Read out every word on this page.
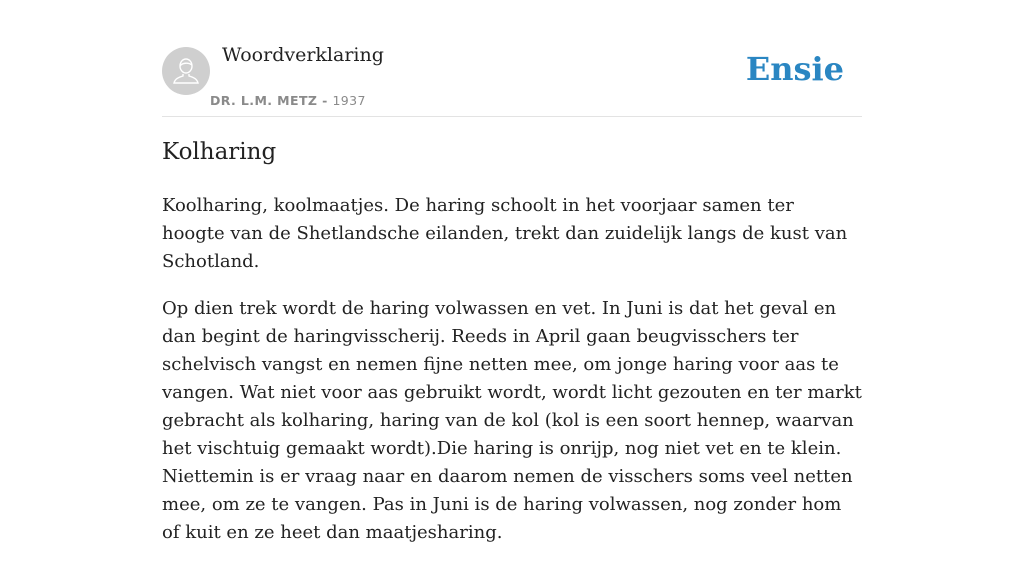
Woordverklaring
DR. L.M. METZ - 1937
Ensie
Kolharing

Koolharing, koolmaatjes. De haring schoolt in het voorjaar samen ter hoogte van de Shetlandsche eilanden, trekt dan zuidelijk langs de kust van Schotland.

Op dien trek wordt de haring volwassen en vet. In Juni is dat het geval en dan begint de haringvisscherij. Reeds in April gaan beugvisschers ter schelvisch vangst en nemen fijne netten mee, om jonge haring voor aas te vangen. Wat niet voor aas gebruikt wordt, wordt licht gezouten en ter markt gebracht als kolharing, haring van de kol (kol is een soort hennep, waarvan het vischtuig gemaakt wordt).Die haring is onrijp, nog niet vet en te klein. Niettemin is er vraag naar en daarom nemen de visschers soms veel netten mee, om ze te vangen. Pas in Juni is de haring volwassen, nog zonder hom of kuit en ze heet dan maatjesharing.
